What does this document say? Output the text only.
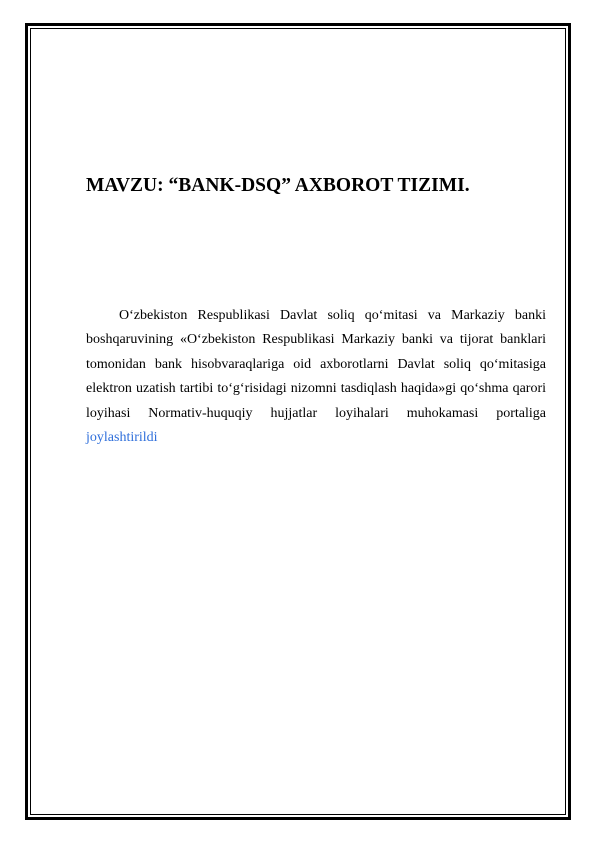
MAVZU: “BANK-DSQ” AXBOROT TIZIMI.

O‘zbekiston Respublikasi Davlat soliq qo‘mitasi va Markaziy banki boshqaruvining «O‘zbekiston Respublikasi Markaziy banki va tijorat banklari tomonidan bank hisobvaraqlariga oid axborotlarni Davlat soliq qo‘mitasiga elektron uzatish tartibi to‘g‘risidagi nizomni tasdiqlash haqida»gi qo‘shma qarori loyihasi Normativ-huquqiy hujjatlar loyihalari muhokamasi portaliga joylashtirildi
